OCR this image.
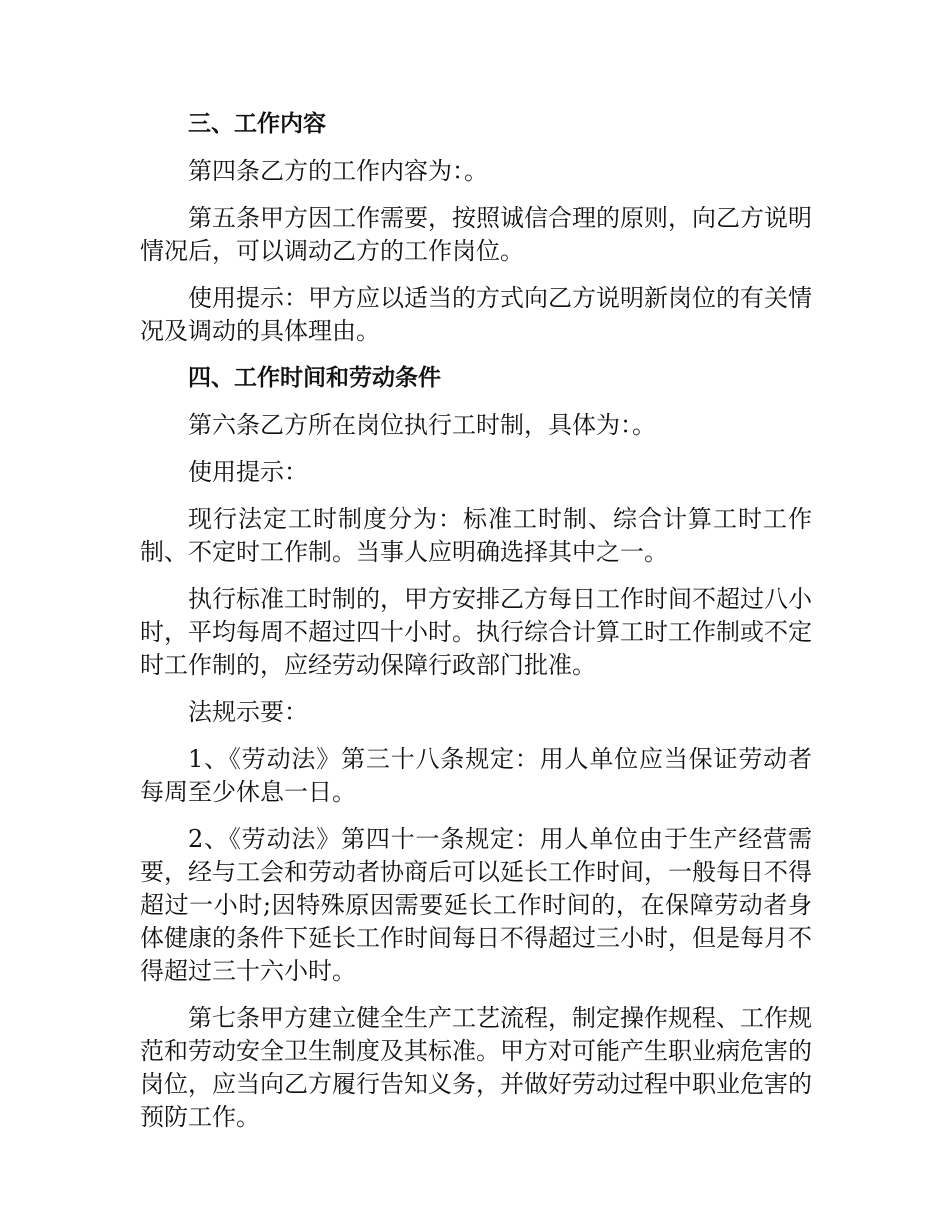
三、工作内容

第四条乙方的工作内容为：。

第五条甲方因工作需要，按照诚信合理的原则，向乙方说明情况后，可以调动乙方的工作岗位。

使用提示：甲方应以适当的方式向乙方说明新岗位的有关情况及调动的具体理由。

四、工作时间和劳动条件

第六条乙方所在岗位执行工时制，具体为：。

使用提示：

现行法定工时制度分为：标准工时制、综合计算工时工作制、不定时工作制。当事人应明确选择其中之一。

执行标准工时制的，甲方安排乙方每日工作时间不超过八小时，平均每周不超过四十小时。执行综合计算工时工作制或不定时工作制的，应经劳动保障行政部门批准。

法规示要：

1、《劳动法》第三十八条规定：用人单位应当保证劳动者每周至少休息一日。

2、《劳动法》第四十一条规定：用人单位由于生产经营需要，经与工会和劳动者协商后可以延长工作时间，一般每日不得超过一小时;因特殊原因需要延长工作时间的，在保障劳动者身体健康的条件下延长工作时间每日不得超过三小时，但是每月不得超过三十六小时。

第七条甲方建立健全生产工艺流程，制定操作规程、工作规范和劳动安全卫生制度及其标准。甲方对可能产生职业病危害的岗位，应当向乙方履行告知义务，并做好劳动过程中职业危害的预防工作。
